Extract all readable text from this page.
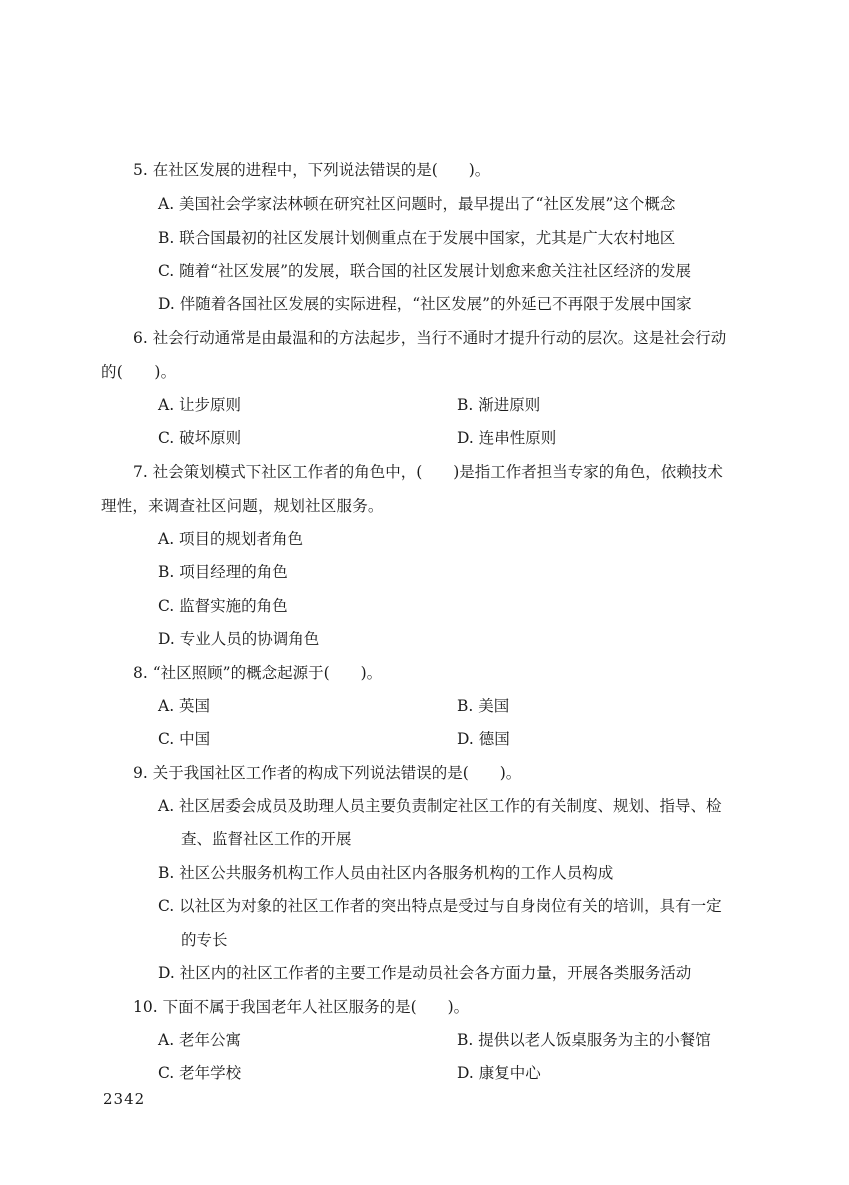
5. 在社区发展的进程中，下列说法错误的是(　　)。
A. 美国社会学家法林顿在研究社区问题时，最早提出了“社区发展”这个概念
B. 联合国最初的社区发展计划侧重点在于发展中国家，尤其是广大农村地区
C. 随着“社区发展”的发展，联合国的社区发展计划愈来愈关注社区经济的发展
D. 伴随着各国社区发展的实际进程，“社区发展”的外延已不再限于发展中国家
6. 社会行动通常是由最温和的方法起步，当行不通时才提升行动的层次。这是社会行动
的(　　)。
A. 让步原则	B. 渐进原则
C. 破坏原则	D. 连串性原则
7. 社会策划模式下社区工作者的角色中，(　　)是指工作者担当专家的角色，依赖技术
理性，来调查社区问题，规划社区服务。
A. 项目的规划者角色
B. 项目经理的角色
C. 监督实施的角色
D. 专业人员的协调角色
8. “社区照顾”的概念起源于(　　)。
A. 英国	B. 美国
C. 中国	D. 德国
9. 关于我国社区工作者的构成下列说法错误的是(　　)。
A. 社区居委会成员及助理人员主要负责制定社区工作的有关制度、规划、指导、检
查、监督社区工作的开展
B. 社区公共服务机构工作人员由社区内各服务机构的工作人员构成
C. 以社区为对象的社区工作者的突出特点是受过与自身岗位有关的培训，具有一定
的专长
D. 社区内的社区工作者的主要工作是动员社会各方面力量，开展各类服务活动
10. 下面不属于我国老年人社区服务的是(　　)。
A. 老年公寓	B. 提供以老人饭桌服务为主的小餐馆
C. 老年学校	D. 康复中心
2342
